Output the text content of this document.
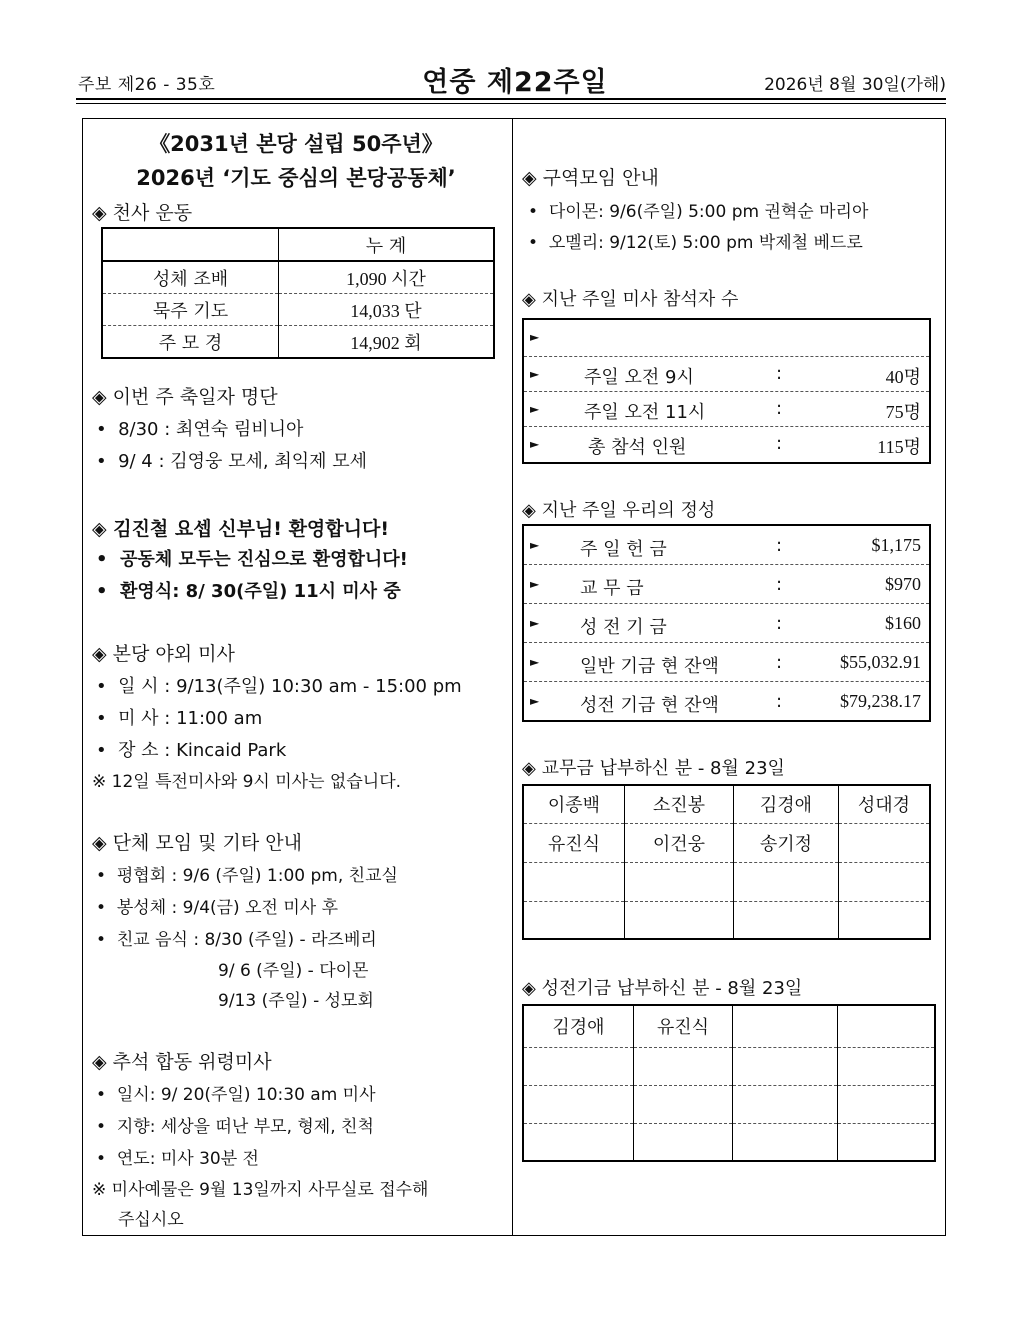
주보 제26 - 35호	연중 제22주일	2026년 8월 30일(가해)
《2031년 본당 설립 50주년》
2026년 ‘기도 중심의 본당공동체’
◈ 천사 운동
	누 계
성체 조배	1,090 시간
묵주 기도	14,033 단
주 모 경	14,902 회
◈ 이번 주 축일자 명단
•  8/30 : 최연숙 림비니아
•  9/ 4 : 김영웅 모세, 최익제 모세
◈ 김진철 요셉 신부님! 환영합니다!
•  공동체 모두는 진심으로 환영합니다!
•  환영식: 8/ 30(주일) 11시 미사 중
◈ 본당 야외 미사
•  일 시 : 9/13(주일) 10:30 am - 15:00 pm
•  미 사 : 11:00 am
•  장 소 : Kincaid Park
※ 12일 특전미사와 9시 미사는 없습니다.
◈ 단체 모임 및 기타 안내
•  평협회 : 9/6 (주일) 1:00 pm, 친교실
•  봉성체 : 9/4(금) 오전 미사 후
•  친교 음식 : 8/30 (주일) - 라즈베리
9/ 6 (주일) - 다이몬
9/13 (주일) - 성모회
◈ 추석 합동 위령미사
•  일시: 9/ 20(주일) 10:30 am 미사
•  지향: 세상을 떠난 부모, 형제, 친척
•  연도: 미사 30분 전
※ 미사예물은 9월 13일까지 사무실로 접수해
주십시오
◈ 구역모임 안내
•  다이몬: 9/6(주일) 5:00 pm 권혁순 마리아
•  오멜리: 9/12(토) 5:00 pm 박제철 베드로
◈ 지난 주일 미사 참석자 수
►
► 주일 오전 9시	:	40명
► 주일 오전 11시	:	75명
►	총 참석 인원	:	115명
◈ 지난 주일 우리의 정성
► 주 일 헌 금	:	$1,175
► 교 무 금	:	$970
► 성 전 기 금	:	$160
► 일반 기금 현 잔액	:	$55,032.91
► 성전 기금 현 잔액	:	$79,238.17
◈ 교무금 납부하신 분 - 8월 23일
이종백	소진봉	김경애	성대경
유진식	이건웅	송기정	

◈ 성전기금 납부하신 분 - 8월 23일
김경애	유진식		
